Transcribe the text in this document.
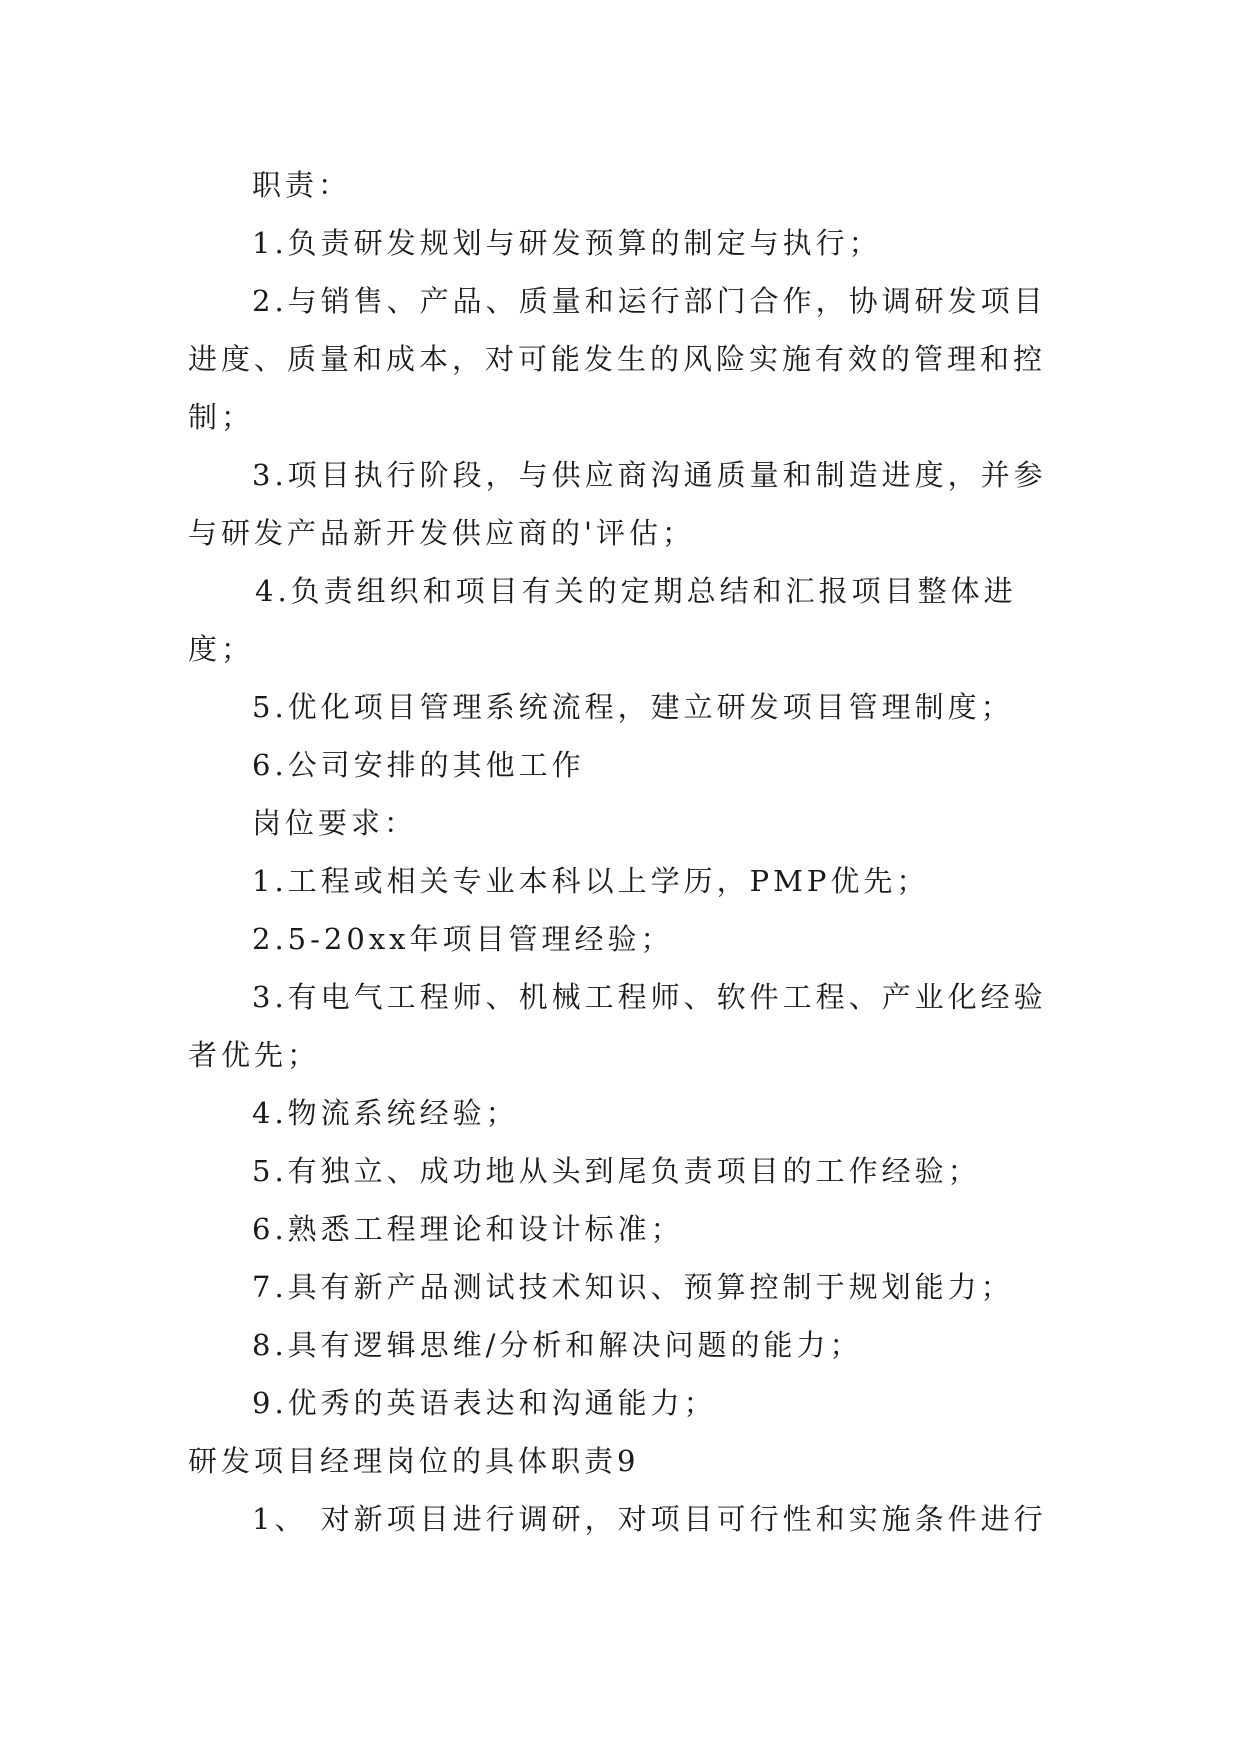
职责：
1.负责研发规划与研发预算的制定与执行；
2.与销售、产品、质量和运行部门合作，协调研发项目
进度、质量和成本，对可能发生的风险实施有效的管理和控
制；
3.项目执行阶段，与供应商沟通质量和制造进度，并参
与研发产品新开发供应商的'评估；
4.负责组织和项目有关的定期总结和汇报项目整体进
度；
5.优化项目管理系统流程，建立研发项目管理制度；
6.公司安排的其他工作
岗位要求：
1.工程或相关专业本科以上学历，PMP优先；
2.5-20xx年项目管理经验；
3.有电气工程师、机械工程师、软件工程、产业化经验
者优先；
4.物流系统经验；
5.有独立、成功地从头到尾负责项目的工作经验；
6.熟悉工程理论和设计标准；
7.具有新产品测试技术知识、预算控制于规划能力；
8.具有逻辑思维/分析和解决问题的能力；
9.优秀的英语表达和沟通能力；
研发项目经理岗位的具体职责9
1、 对新项目进行调研，对项目可行性和实施条件进行
